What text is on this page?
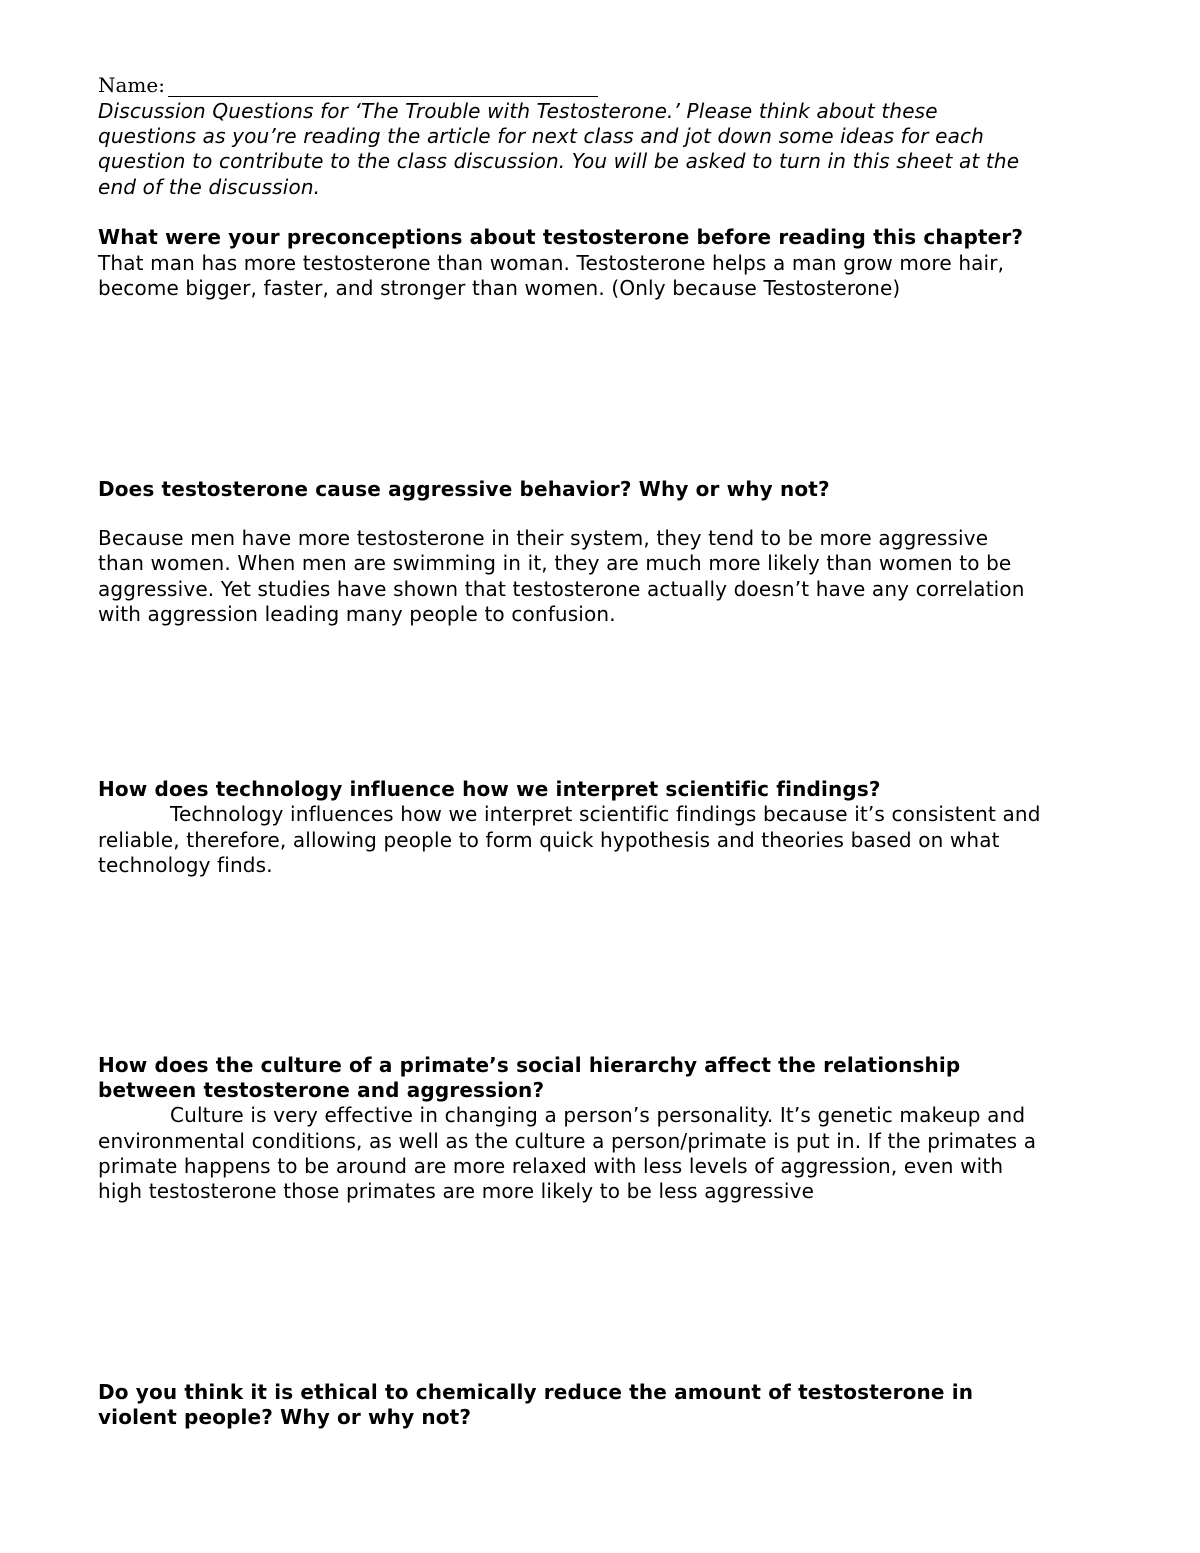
Name:
Discussion Questions for ‘The Trouble with Testosterone.’ Please think about these
questions as you’re reading the article for next class and jot down some ideas for each
question to contribute to the class discussion. You will be asked to turn in this sheet at the
end of the discussion.
What were your preconceptions about testosterone before reading this chapter?
That man has more testosterone than woman. Testosterone helps a man grow more hair,
become bigger, faster, and stronger than women. (Only because Testosterone)
Does testosterone cause aggressive behavior? Why or why not?
Because men have more testosterone in their system, they tend to be more aggressive
than women. When men are swimming in it, they are much more likely than women to be
aggressive. Yet studies have shown that testosterone actually doesn’t have any correlation
with aggression leading many people to confusion.
How does technology influence how we interpret scientific findings?
Technology influences how we interpret scientific findings because it’s consistent and
reliable, therefore, allowing people to form quick hypothesis and theories based on what
technology finds.
How does the culture of a primate’s social hierarchy affect the relationship
between testosterone and aggression?
Culture is very effective in changing a person’s personality. It’s genetic makeup and
environmental conditions, as well as the culture a person/primate is put in. If the primates a
primate happens to be around are more relaxed with less levels of aggression, even with
high testosterone those primates are more likely to be less aggressive
Do you think it is ethical to chemically reduce the amount of testosterone in
violent people? Why or why not?
